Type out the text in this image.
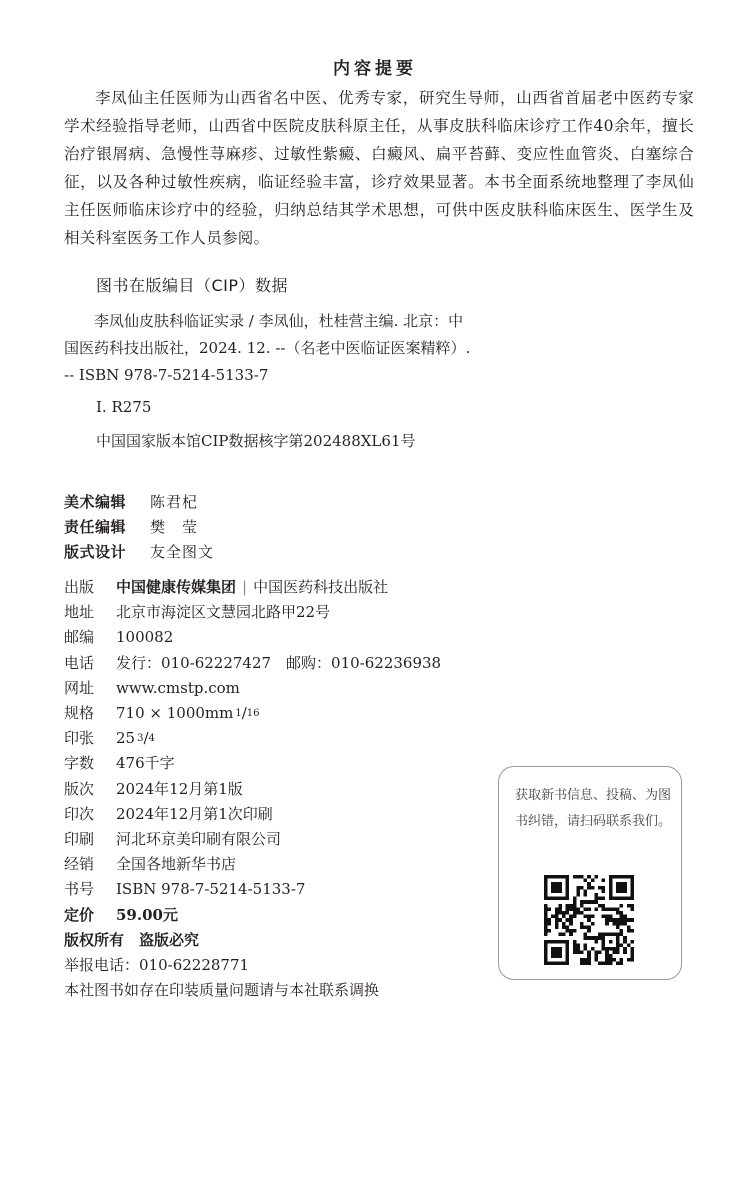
内容提要
李凤仙主任医师为山西省名中医、优秀专家，研究生导师，山西省首届老中医药专家学术经验指导老师，山西省中医院皮肤科原主任，从事皮肤科临床诊疗工作40余年，擅长治疗银屑病、急慢性荨麻疹、过敏性紫癜、白癜风、扁平苔藓、变应性血管炎、白塞综合征，以及各种过敏性疾病，临证经验丰富，诊疗效果显著。本书全面系统地整理了李凤仙主任医师临床诊疗中的经验，归纳总结其学术思想，可供中医皮肤科临床医生、医学生及相关科室医务工作人员参阅。
图书在版编目（CIP）数据
李凤仙皮肤科临证实录 / 李凤仙，杜桂营主编. 北京：中国医药科技出版社，2024. 12. --（名老中医临证医案精粹）. -- ISBN 978-7-5214-5133-7
Ⅰ. R275
中国国家版本馆CIP数据核字第202488XL61号
美术编辑	陈君杞
责任编辑	樊　莹
版式设计	友全图文
出版	中国健康传媒集团 | 中国医药科技出版社
地址	北京市海淀区文慧园北路甲22号
邮编	100082
电话	发行：010-62227427　邮购：010-62236938
网址	www.cmstp.com
规格	710 × 1000mm 1 / 16
印张	25 3 / 4
字数	476千字
版次	2024年12月第1版
印次	2024年12月第1次印刷
印刷	河北环京美印刷有限公司
经销	全国各地新华书店
书号	ISBN 978-7-5214-5133-7
定价	59.00元
版权所有　盗版必究
举报电话：010-62228771
本社图书如存在印装质量问题请与本社联系调换
获取新书信息、投稿、为图书纠错，请扫码联系我们。
